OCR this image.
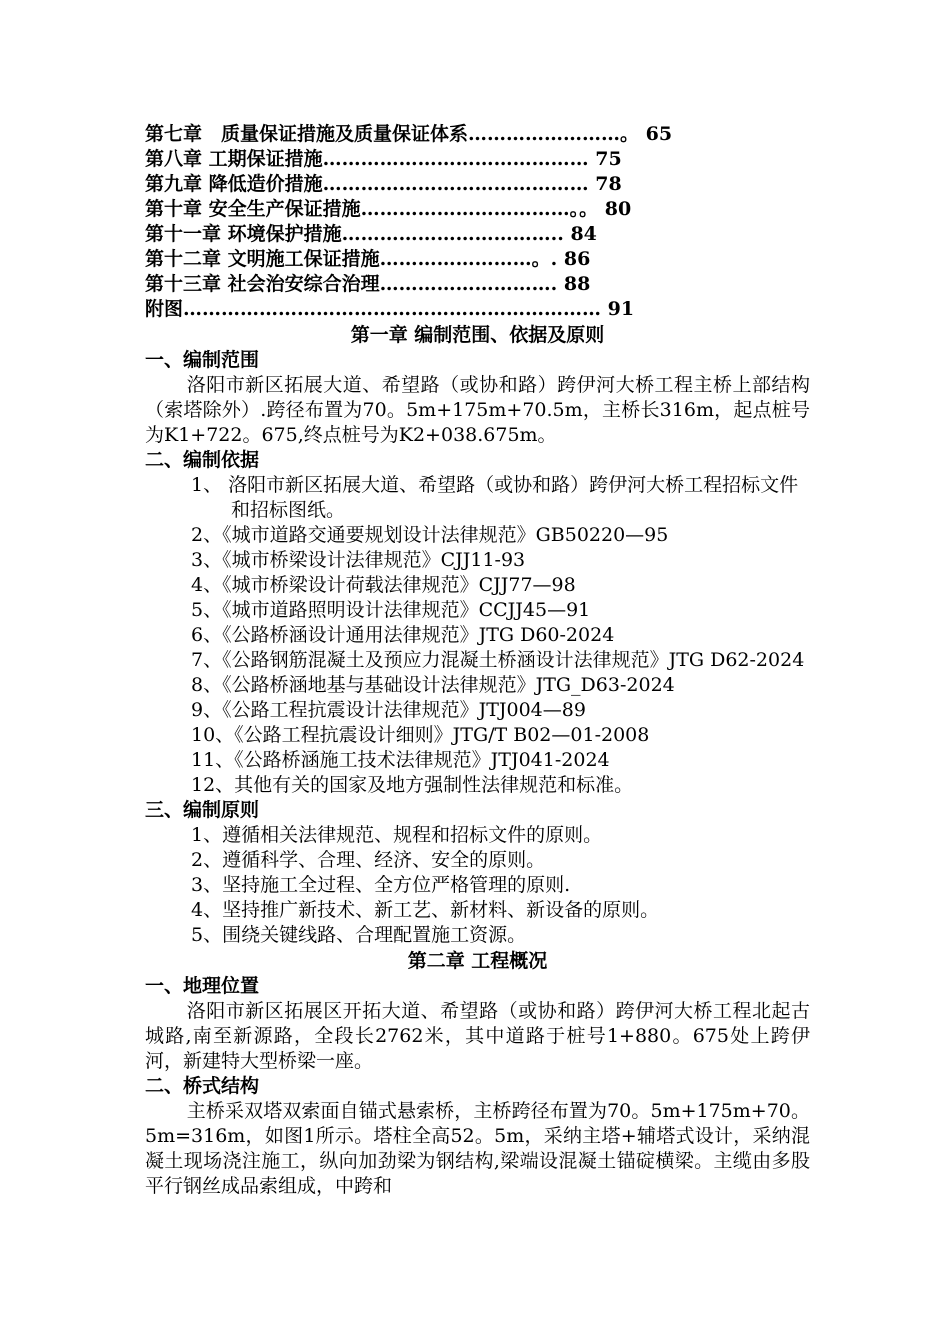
第七章　质量保证措施及质量保证体系……………………。 65
第八章 工期保证措施…………………………………… 75
第九章 降低造价措施…………………………………… 78
第十章 安全生产保证措施……………………………。。 80
第十一章 环境保护措施…………………………….. 84
第十二章 文明施工保证措施……………………。. 86
第十三章 社会治安综合治理………………………. 88
附图………………………………………………………… 91
第一章 编制范围、依据及原则
一、编制范围

洛阳市新区拓展大道、希望路（或协和路）跨伊河大桥工程主桥上部结构（索塔除外）.跨径布置为70。5m+175m+70.5m，主桥长316m，起点桩号为K1+722。675,终点桩号为K2+038.675m。

二、编制依据

1、 洛阳市新区拓展大道、希望路（或协和路）跨伊河大桥工程招标文件和招标图纸。

2、《城市道路交通要规划设计法律规范》GB50220—95
3、《城市桥梁设计法律规范》CJJ11-93
4、《城市桥梁设计荷载法律规范》CJJ77—98
5、《城市道路照明设计法律规范》CCJJ45—91
6、《公路桥涵设计通用法律规范》JTG D60-2024

7、《公路钢筋混凝土及预应力混凝土桥涵设计法律规范》JTG D62-2024

8、《公路桥涵地基与基础设计法律规范》JTG_D63-2024
9、《公路工程抗震设计法律规范》JTJ004—89
10、《公路工程抗震设计细则》JTG/T B02—01-2008
11、《公路桥涵施工技术法律规范》JTJ041-2024
12、其他有关的国家及地方强制性法律规范和标准。
三、编制原则
1、遵循相关法律规范、规程和招标文件的原则。
2、遵循科学、合理、经济、安全的原则。
3、坚持施工全过程、全方位严格管理的原则.
4、坚持推广新技术、新工艺、新材料、新设备的原则。
5、围绕关键线路、合理配置施工资源。
第二章 工程概况
一、地理位置

洛阳市新区拓展区开拓大道、希望路（或协和路）跨伊河大桥工程北起古城路,南至新源路，全段长2762米，其中道路于桩号1+880。675处上跨伊河，新建特大型桥梁一座。

二、桥式结构

主桥采双塔双索面自锚式悬索桥，主桥跨径布置为70。5m+175m+70。5m=316m，如图1所示。塔柱全高52。5m，采纳主塔+辅塔式设计，采纳混凝土现场浇注施工，纵向加劲梁为钢结构,梁端设混凝土锚碇横梁。主缆由多股平行钢丝成品索组成，中跨和
